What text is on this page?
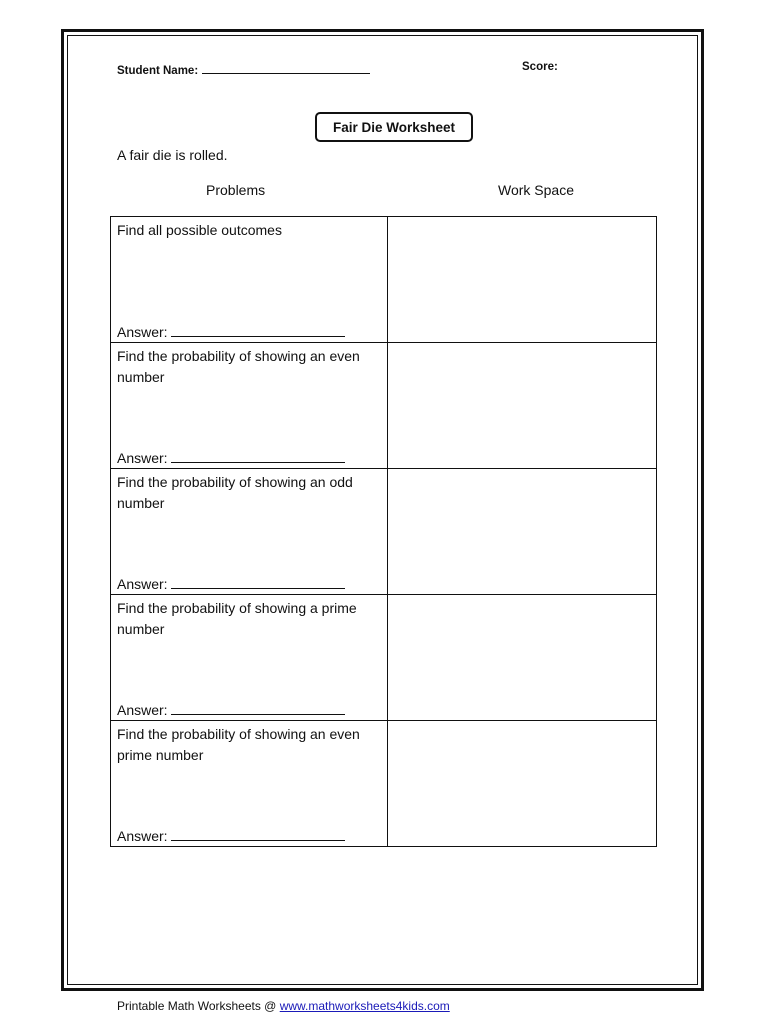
Student Name:	Score:
Fair Die Worksheet
A fair die is rolled.
Problems	Work Space
Find all possible outcomes
Answer:	

Find the probability of showing an even number
Answer:	

Find the probability of showing an odd number
Answer:	

Find the probability of showing a prime number
Answer:	

Find the probability of showing an even prime number
Answer:	

Printable Math Worksheets @ www.mathworksheets4kids.com
